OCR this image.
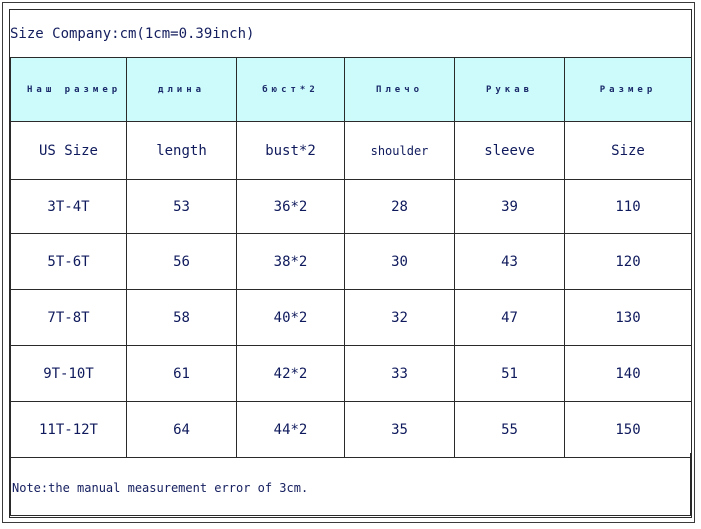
Size Company:cm(1cm=0.39inch)
Наш размер	длина	бюст*2	Плечо	Рукав	Размер
US Size	length	bust*2	shoulder	sleeve	Size
3T-4T	53	36*2	28	39	110
5T-6T	56	38*2	30	43	120
7T-8T	58	40*2	32	47	130
9T-10T	61	42*2	33	51	140
11T-12T	64	44*2	35	55	150
Note:the manual measurement error of 3cm.
